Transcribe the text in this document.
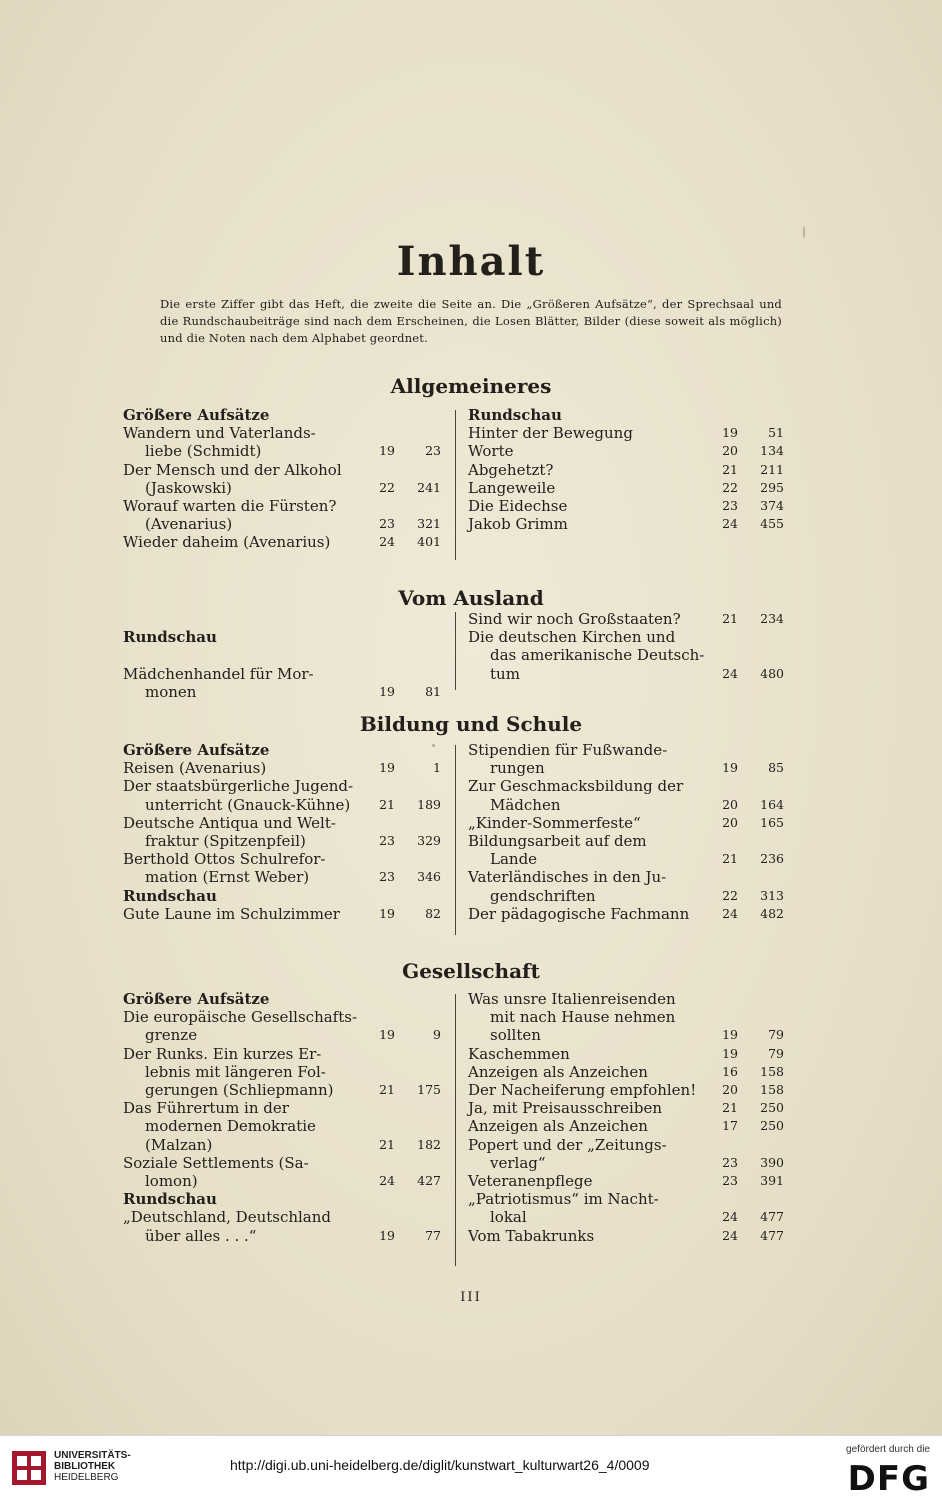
Inhalt
Die erste Ziffer gibt das Heft, die zweite die Seite an. Die „Größeren Aufsätze“, der Sprechsaal und die Rundschaubeiträge sind nach dem Erscheinen, die Losen Blätter, Bilder (diese soweit als möglich) und die Noten nach dem Alphabet geordnet.
Allgemeineres
Größere Aufsätze
Wandern und Vaterlands-
liebe (Schmidt)	19 23
Der Mensch und der Alkohol
(Jaskowski)	22 241
Worauf warten die Fürsten?
(Avenarius)	23 321
Wieder daheim (Avenarius)	24 401
Rundschau
Hinter der Bewegung	19 51
Worte	20 134
Abgehetzt?	21 211
Langeweile	22 295
Die Eidechse	23 374
Jakob Grimm	24 455
Vom Ausland

Rundschau

Mädchenhandel für Mor-
monen	19 81
Sind wir noch Großstaaten?	21 234
Die deutschen Kirchen und
das amerikanische Deutsch-
tum	24 480
Bildung und Schule
Größere Aufsätze
Reisen (Avenarius)	19	1
Der staatsbürgerliche Jugend-
unterricht (Gnauck-Kühne) 21 189
Deutsche Antiqua und Welt-
fraktur (Spitzenpfeil)	23 329
Berthold Ottos Schulrefor-
mation (Ernst Weber)	23 346
Rundschau
Gute Laune im Schulzimmer	19 82
Stipendien für Fußwande-
rungen	19 85
Zur Geschmacksbildung der
Mädchen	20 164
„Kinder-Sommerfeste“	20 165
Bildungsarbeit auf dem
Lande	21 236
Vaterländisches in den Ju-
gendschriften	22 313
Der pädagogische Fachmann	24 482
Gesellschaft
Größere Aufsätze
Die europäische Gesellschafts-
grenze	19	9
Der Runks. Ein kurzes Er-
lebnis mit längeren Fol-
gerungen (Schliepmann)	21 175
Das Führertum in der
modernen Demokratie
(Malzan)	21 182
Soziale Settlements (Sa-
lomon)	24 427
Rundschau
„Deutschland, Deutschland
über alles . . .“	19 77
Was unsre Italienreisenden
mit nach Hause nehmen
sollten	19 79
Kaschemmen	19 79
Anzeigen als Anzeichen	16 158
Der Nacheiferung empfohlen! 20 158
Ja, mit Preisausschreiben	21 250
Anzeigen als Anzeichen	17 250
Popert und der „Zeitungs-
verlag“	23 390
Veteranenpflege	23 391
„Patriotismus“ im Nacht-
lokal	24 477
Vom Tabakrunks	24 477
III
UNIVERSITÄTS-
BIBLIOTHEK
HEIDELBERG
http://digi.ub.uni-heidelberg.de/diglit/kunstwart_kulturwart26_4/0009
gefördert durch die
DFG
